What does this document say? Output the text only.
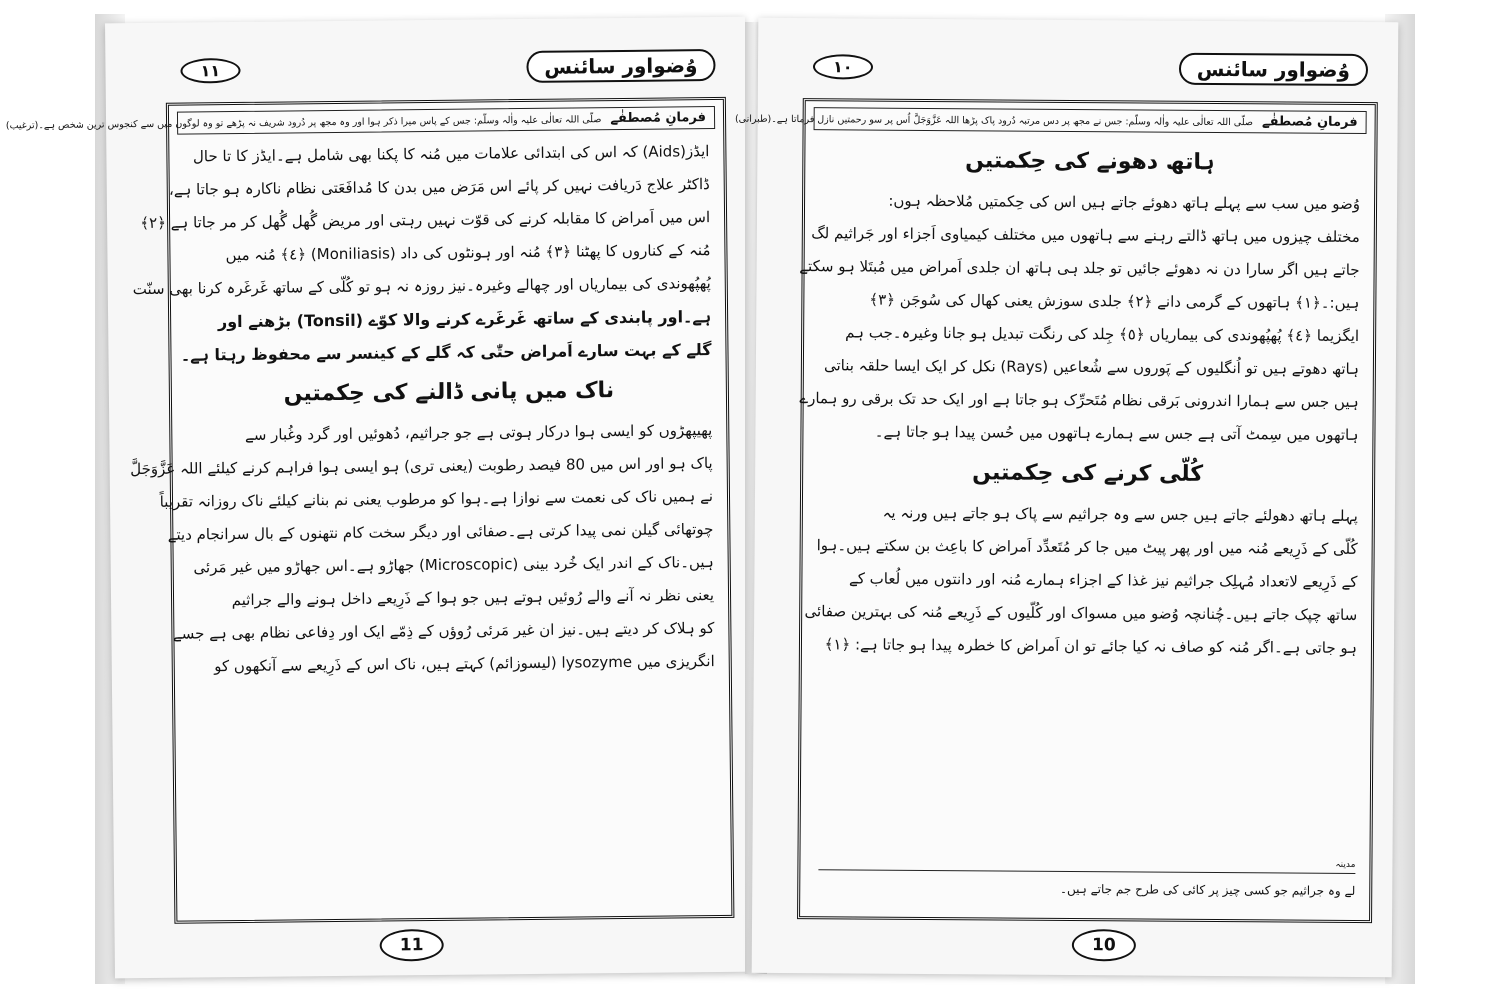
١١	وُضواور سائنس
فرمانِ مُصطفٰے صلّی اللہ تعالٰی علیہ واٰلہ وسلّم: جس کے پاس میرا ذکر ہوا اور وہ مجھ پر دُرود شریف نہ پڑھے تو وہ لوگوں میں سے کنجوس ترین شخص ہے۔(ترغیب)
ایڈز(Aids) کہ اس کی ابتدائی علامات میں مُنہ کا پکنا بھی شامل ہے۔ایڈز کا تا حال
ڈاکٹر علاج دَریافت نہیں کر پائے اس مَرَض میں بدن کا مُدافَعَتی نظام ناکارہ ہو جاتا ہے،
اس میں اَمراض کا مقابلہ کرنے کی قوّت نہیں رہتی اور مریض گُھل گُھل کر مر جاتا ہے ﴿٢﴾
مُنہ کے کناروں کا پھٹنا ﴿٣﴾ مُنہ اور ہونٹوں کی داد (Moniliasis) ﴿٤﴾ مُنہ میں
پُھپُھوندی کی بیماریاں اور چھالے وغیرہ۔نیز روزہ نہ ہو تو کُلّی کے ساتھ غَرغَرہ کرنا بھی سنّت
ہے۔اور پابندی کے ساتھ غَرغَرے کرنے والا کوّے (Tonsil) بڑھنے اور
گلے کے بہت سارے اَمراض حتّٰی کہ گلے کے کینسر سے محفوظ رہتا ہے۔
ناک میں پانی ڈالنے کی حِکمتیں
پھیپھڑوں کو ایسی ہوا درکار ہوتی ہے جو جراثیم، دُھوئیں اور گرد وغُبار سے
پاک ہو اور اس میں 80 فیصد رطوبت (یعنی تری) ہو ایسی ہوا فراہم کرنے کیلئے اللہ عَزَّوَجَلَّ
نے ہمیں ناک کی نعمت سے نوازا ہے۔ہوا کو مرطوب یعنی نم بنانے کیلئے ناک روزانہ تقریباً
چوتھائی گیلن نمی پیدا کرتی ہے۔صفائی اور دیگر سخت کام نتھنوں کے بال سرانجام دیتے
ہیں۔ناک کے اندر ایک خُرد بینی (Microscopic) جھاڑو ہے۔اس جھاڑو میں غیر مَرئی
یعنی نظر نہ آنے والے رُوئیں ہوتے ہیں جو ہوا کے ذَرِیعے داخل ہونے والے جراثیم
کو ہلاک کر دیتے ہیں۔نیز ان غیر مَرئی رُوؤں کے ذِمّے ایک اور دِفاعی نظام بھی ہے جسے
انگریزی میں lysozyme (لیسوزائم) کہتے ہیں، ناک اس کے ذَرِیعے سے آنکھوں کو
11
١٠	وُضواور سائنس
فرمانِ مُصطفٰے صلّی اللہ تعالٰی علیہ واٰلہ وسلّم: جس نے مجھ پر دس مرتبہ دُرود پاک پڑھا اللہ عَزَّوَجَلَّ اُس پر سو رحمتیں نازل فرماتا ہے۔(طبرانی)
ہاتھ دھونے کی حِکمتیں
وُضو میں سب سے پہلے ہاتھ دھوئے جاتے ہیں اس کی حِکمتیں مُلاحظہ ہوں:
مختلف چیزوں میں ہاتھ ڈالتے رہنے سے ہاتھوں میں مختلف کیمیاوی اَجزاء اور جَراثیم لگ
جاتے ہیں اگر سارا دن نہ دھوئے جائیں تو جلد ہی ہاتھ ان جلدی اَمراض میں مُبتَلا ہو سکتے
ہیں:۔﴿١﴾ ہاتھوں کے گرمی دانے ﴿٢﴾ جلدی سوزش یعنی کھال کی سُوجَن ﴿٣﴾
ایگزیما ﴿٤﴾ پُھپُھوندی کی بیماریاں ﴿٥﴾ جِلد کی رنگت تبدیل ہو جانا وغیرہ۔جب ہم
ہاتھ دھوتے ہیں تو اُنگلیوں کے پَوروں سے شُعاعیں (Rays) نکل کر ایک ایسا حلقہ بناتی
ہیں جس سے ہمارا اندرونی بَرقی نظام مُتَحرِّک ہو جاتا ہے اور ایک حد تک برقی رو ہمارے
ہاتھوں میں سِمٹ آتی ہے جس سے ہمارے ہاتھوں میں حُسن پیدا ہو جاتا ہے۔
کُلّی کرنے کی حِکمتیں
پہلے ہاتھ دھولئے جاتے ہیں جس سے وہ جراثیم سے پاک ہو جاتے ہیں ورنہ یہ
کُلّی کے ذَرِیعے مُنہ میں اور پھر پیٹ میں جا کر مُتَعدِّد اَمراض کا باعِث بن سکتے ہیں۔ہوا
کے ذَرِیعے لاتعداد مُہلِک جراثیم نیز غذا کے اجزاء ہمارے مُنہ اور دانتوں میں لُعاب کے
ساتھ چپک جاتے ہیں۔چُنانچہ وُضو میں مسواک اور کُلّیوں کے ذَرِیعے مُنہ کی بہترین صفائی
ہو جاتی ہے۔اگر مُنہ کو صاف نہ کیا جائے تو ان اَمراض کا خطرہ پیدا ہو جاتا ہے: ﴿١﴾
مدینہ
لے وہ جراثیم جو کسی چیز پر کائی کی طرح جم جاتے ہیں۔
10
